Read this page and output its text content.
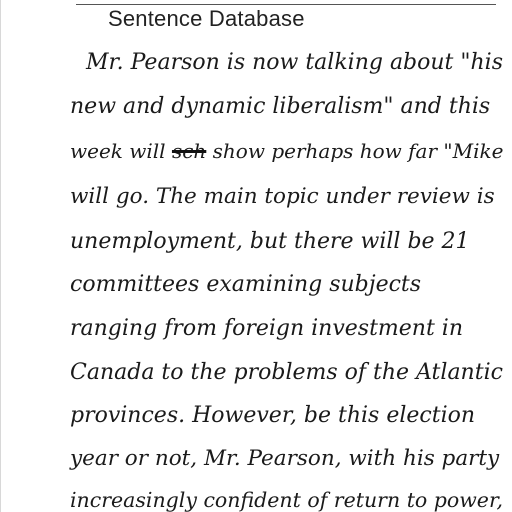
Sentence Database
Mr. Pearson is now talking about "his
new and dynamic liberalism" and this
week will sch show perhaps how far "Mike
will go. The main topic under review is
unemployment, but there will be 21
committees examining subjects
ranging from foreign investment in
Canada to the problems of the Atlantic
provinces. However, be this election
year or not, Mr. Pearson, with his party
increasingly confident of return to power,
